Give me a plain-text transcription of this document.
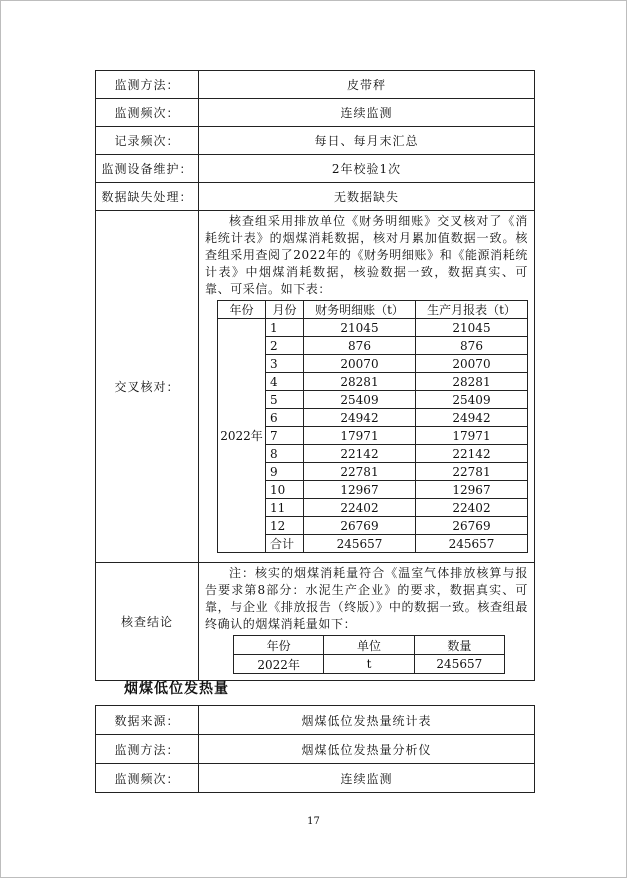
监测方法：	皮带秤
监测频次：	连续监测
记录频次：	每日、每月末汇总
监测设备维护：	2年校验1次
数据缺失处理：	无数据缺失
交叉核对：	

核查组采用排放单位《财务明细账》交叉核对了《消耗统计表》的烟煤消耗数据，核对月累加值数据一致。核查组采用查阅了2022年的《财务明细账》和《能源消耗统计表》中烟煤消耗数据，核验数据一致，数据真实、可靠、可采信。如下表：

年份	月份	财务明细账（t）	生产月报表（t）
2022年	1	21045	21045
2	876	876
3	20070	20070
4	28281	28281
5	25409	25409
6	24942	24942
7	17971	17971
8	22142	22142
9	22781	22781
10	12967	12967
11	22402	22402
12	26769	26769
合计	245657	245657

核查结论	

注：核实的烟煤消耗量符合《温室气体排放核算与报告要求第8部分：水泥生产企业》的要求，数据真实、可靠，与企业《排放报告（终版）》中的数据一致。核查组最终确认的烟煤消耗量如下：

年份	单位	数量
2022年	t	245657
烟煤低位发热量
数据来源：	烟煤低位发热量统计表
监测方法：	烟煤低位发热量分析仪
监测频次：	连续监测
17
